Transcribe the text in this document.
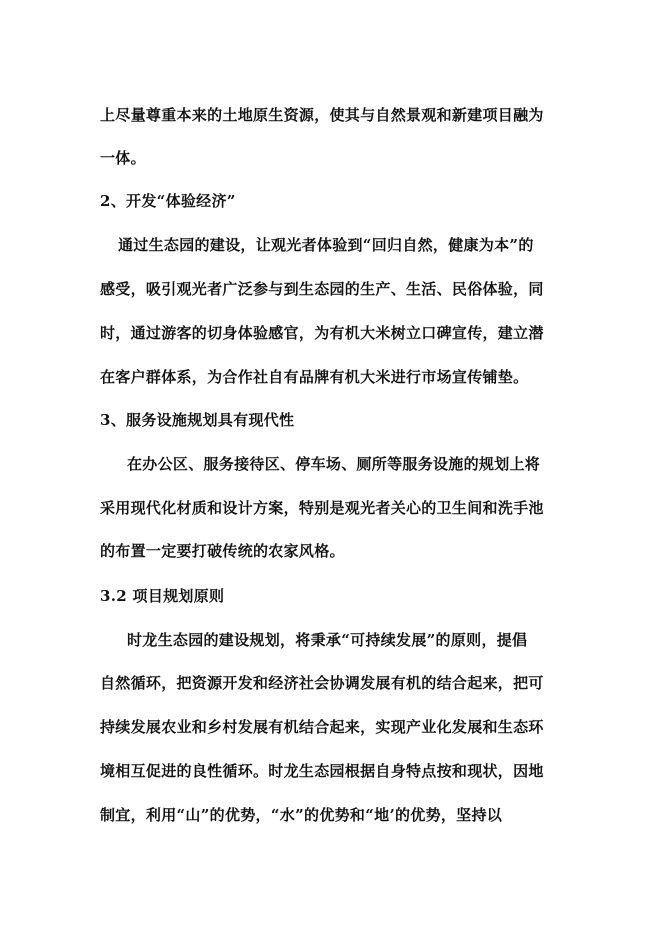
上尽量尊重本来的土地原生资源，使其与自然景观和新建项目融为
一体。
2、开发“体验经济”
通过生态园的建设，让观光者体验到“回归自然，健康为本”的
感受，吸引观光者广泛参与到生态园的生产、生活、民俗体验，同
时，通过游客的切身体验感官，为有机大米树立口碑宣传，建立潜
在客户群体系，为合作社自有品牌有机大米进行市场宣传铺垫。
3、服务设施规划具有现代性
在办公区、服务接待区、停车场、厕所等服务设施的规划上将
采用现代化材质和设计方案，特别是观光者关心的卫生间和洗手池
的布置一定要打破传统的农家风格。
3.2 项目规划原则
时龙生态园的建设规划，将秉承“可持续发展”的原则，提倡
自然循环，把资源开发和经济社会协调发展有机的结合起来，把可
持续发展农业和乡村发展有机结合起来，实现产业化发展和生态环
境相互促进的良性循环。时龙生态园根据自身特点按和现状，因地
制宜，利用“山”的优势，“水”的优势和“地’的优势，坚持以
